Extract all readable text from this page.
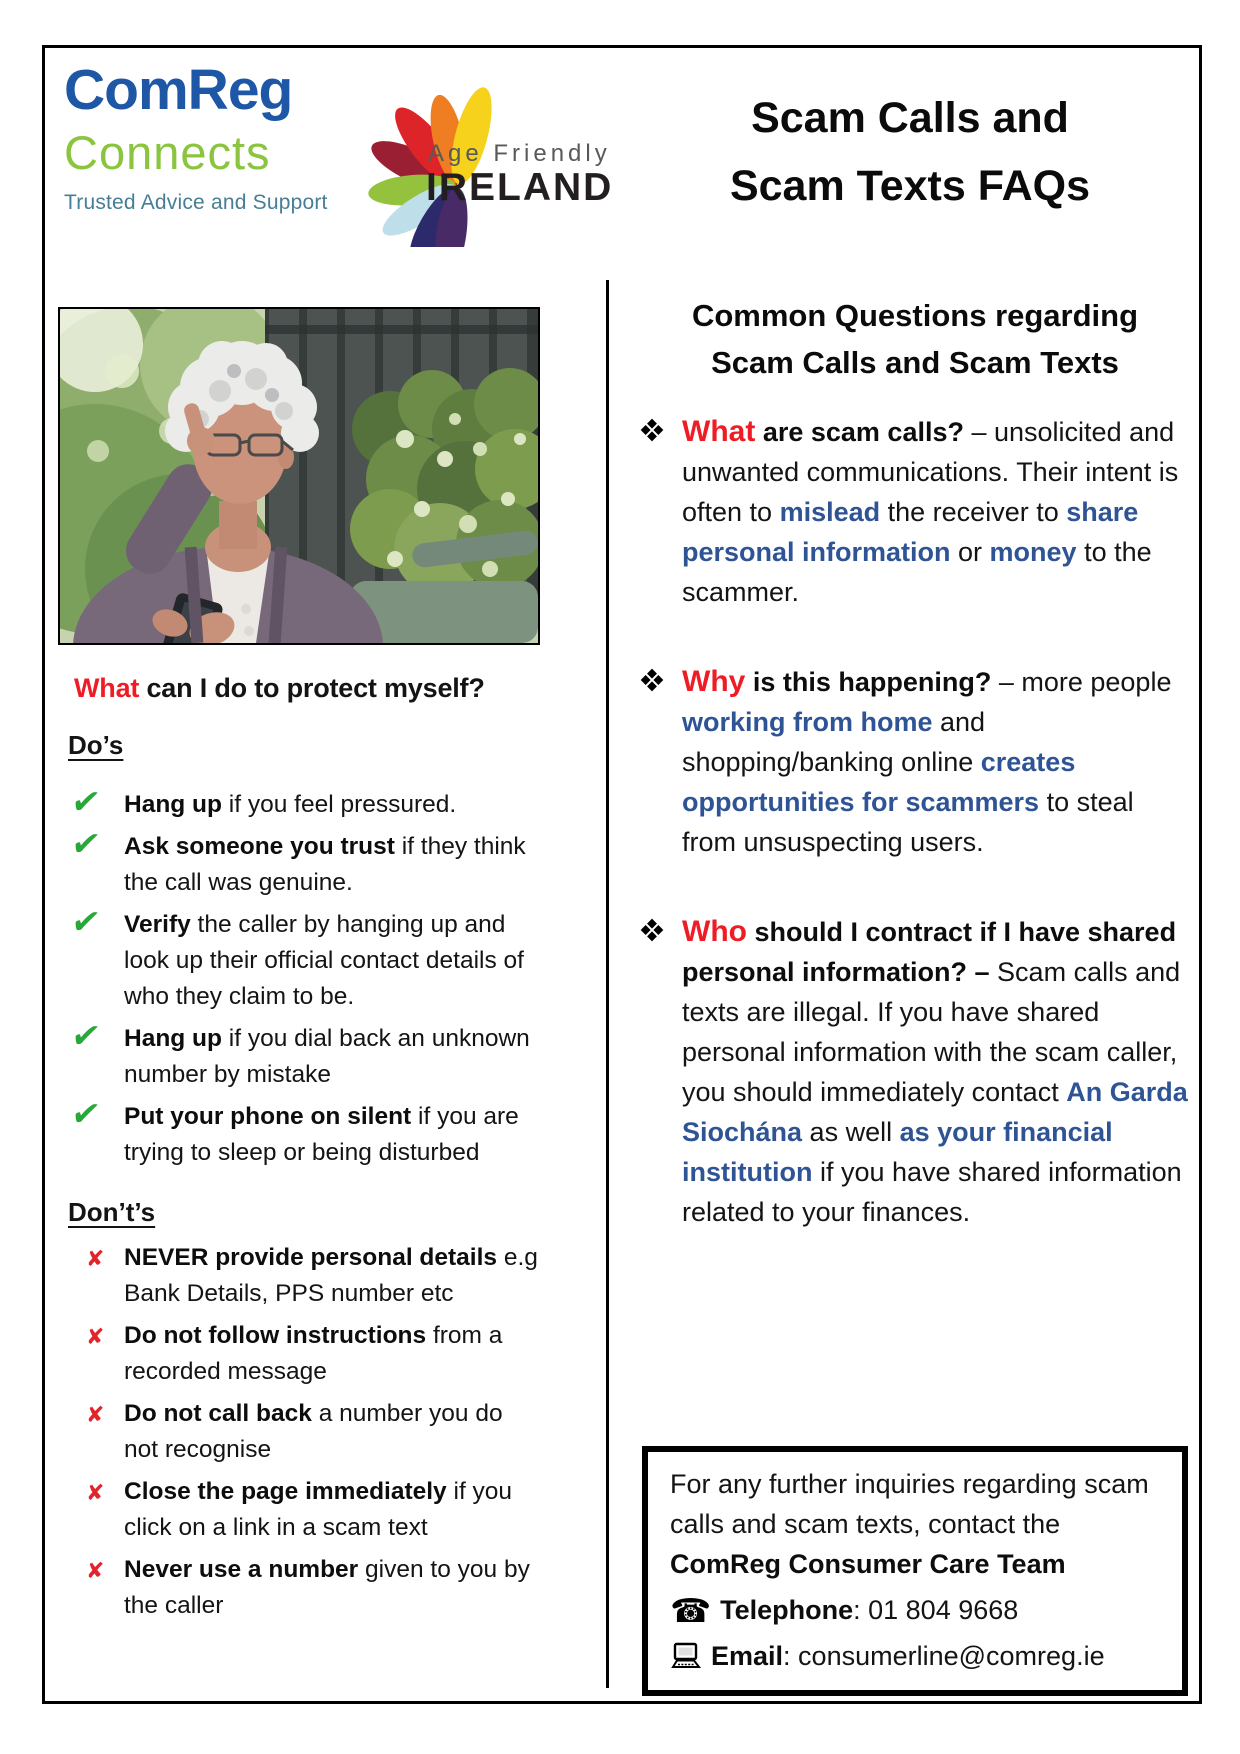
ComReg
Connects
Trusted Advice and Support
Age Friendly
IRELAND
Scam Calls and
Scam Texts FAQs
What can I do to protect myself?
Do’s
✔ Hang up if you feel pressured.
✔ Ask someone you trust if they think the call was genuine.
✔ Verify the caller by hanging up and look up their official contact details of who they claim to be.
✔ Hang up if you dial back an unknown number by mistake
✔ Put your phone on silent if you are trying to sleep or being disturbed
Don’t’s
✘ NEVER provide personal details e.g Bank Details, PPS number etc
✘ Do not follow instructions from a recorded message
✘ Do not call back a number you do not recognise
✘ Close the page immediately if you click on a link in a scam text
✘ Never use a number given to you by the caller
Common Questions regarding Scam Calls and Scam Texts

What are scam calls? – unsolicited and unwanted communications. Their intent is often to mislead the receiver to share personal information or money to the scammer.

Why is this happening? – more people working from home and shopping/banking online creates opportunities for scammers to steal from unsuspecting users.

Who should I contract if I have shared personal information? – Scam calls and texts are illegal. If you have shared personal information with the scam caller, you should immediately contact An Garda Siochána as well as your financial institution if you have shared information related to your finances.

For any further inquiries regarding scam calls and scam texts, contact the ComReg Consumer Care Team
☎ Telephone: 01 804 9668
Email: consumerline@comreg.ie
